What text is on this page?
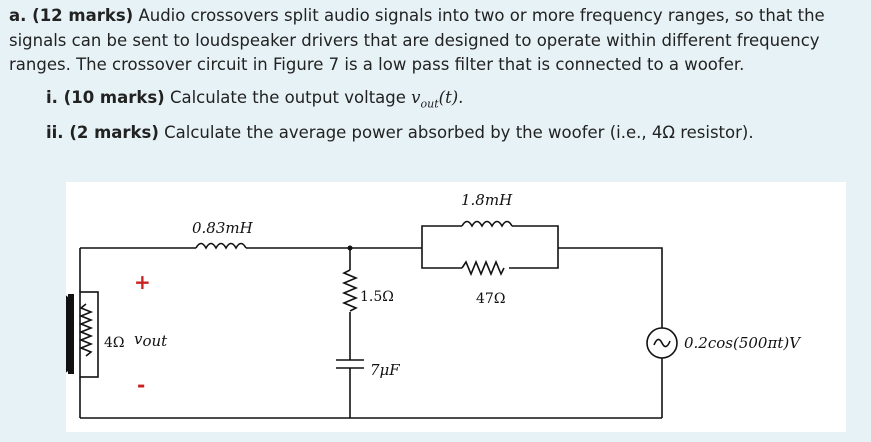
a. (12 marks) Audio crossovers split audio signals into two or more frequency ranges, so that the signals can be sent to loudspeaker drivers that are designed to operate within different frequency ranges. The crossover circuit in Figure 7 is a low pass filter that is connected to a woofer.
i. (10 marks) Calculate the output voltage $v_{out}(t)$.
ii. (2 marks) Calculate the average power absorbed by the woofer (i.e., 4Ω resistor).
0.83mH
1.8mH
1.5Ω	47Ω
7μF
4Ω vout
+
-
0.2cos(500πt)V
